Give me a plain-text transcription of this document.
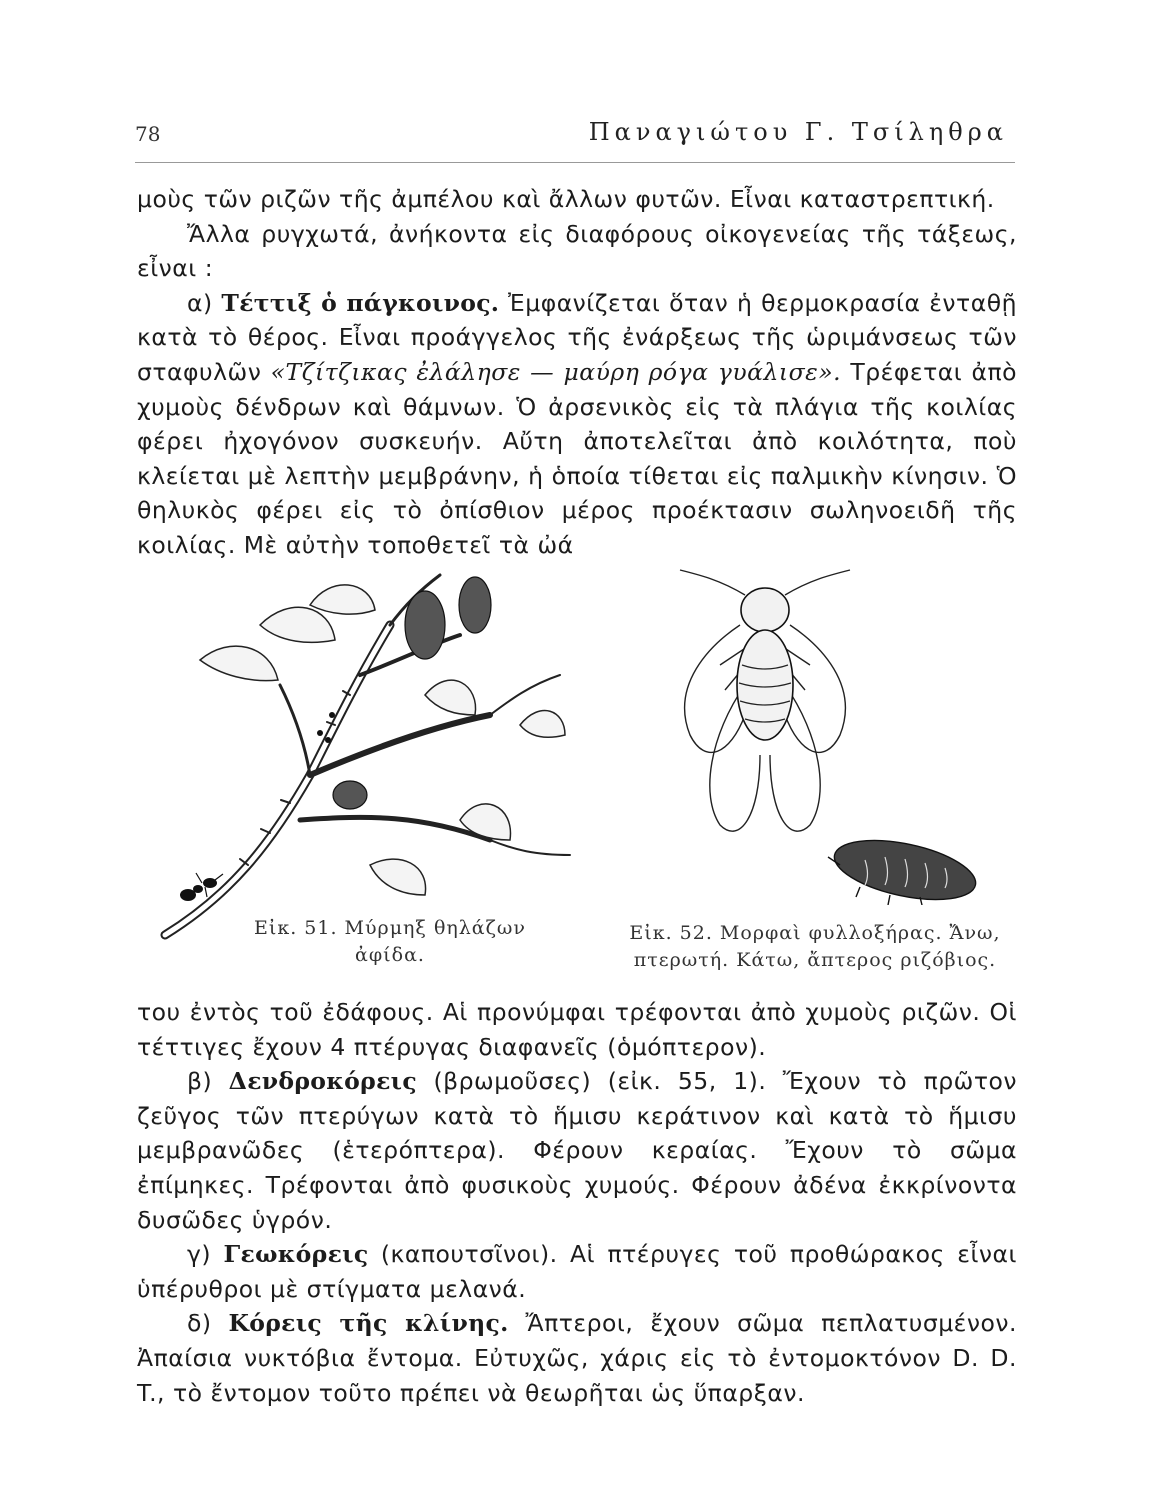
78	Παναγιώτου Γ. Τσίληθρα

μοὺς τῶν ριζῶν τῆς ἀμπέλου καὶ ἄλλων φυτῶν. Εἶναι καταστρεπτική.

Ἄλλα ρυγχωτά, ἀνήκοντα εἰς διαφόρους οἰκογενείας τῆς τάξεως, εἶναι :

α) Τέττιξ ὁ πάγκοινος. Ἐμφανίζεται ὅταν ἡ θερμοκρασία ἐνταθῇ κατὰ τὸ θέρος. Εἶναι προάγγελος τῆς ἐνάρξεως τῆς ὡριμάνσεως τῶν σταφυλῶν «Τζίτζικας ἐλάλησε — μαύρη ρόγα γυάλισε». Τρέφεται ἀπὸ χυμοὺς δένδρων καὶ θάμνων. Ὁ ἀρσενικὸς εἰς τὰ πλάγια τῆς κοιλίας φέρει ἠχογόνον συσκευήν. Αὔτη ἀποτελεῖται ἀπὸ κοιλότητα, ποὺ κλείεται μὲ λεπτὴν μεμβράνην, ἡ ὁποία τίθεται εἰς παλμικὴν κίνησιν. Ὁ θηλυκὸς φέρει εἰς τὸ ὀπίσθιον μέρος προέκτασιν σωληνοειδῆ τῆς κοιλίας. Μὲ αὐτὴν τοποθετεῖ τὰ ὠά

Εἰκ. 51. Μύρμηξ θηλάζων ἀφίδα.
Εἰκ. 52. Μορφαὶ φυλλοξήρας. Ἄνω, πτερωτή. Κάτω, ἄπτερος ριζόβιος.

του ἐντὸς τοῦ ἐδάφους. Αἱ προνύμφαι τρέφονται ἀπὸ χυμοὺς ριζῶν. Οἱ τέττιγες ἔχουν 4 πτέρυγας διαφανεῖς (ὁμόπτερον).

β) Δενδροκόρεις (βρωμοῦσες) (εἰκ. 55, 1). Ἔχουν τὸ πρῶτον ζεῦγος τῶν πτερύγων κατὰ τὸ ἥμισυ κεράτινον καὶ κατὰ τὸ ἥμισυ μεμβρανῶδες (ἑτερόπτερα). Φέρουν κεραίας. Ἔχουν τὸ σῶμα ἐπίμηκες. Τρέφονται ἀπὸ φυσικοὺς χυμούς. Φέρουν ἀδένα ἐκκρίνοντα δυσῶδες ὑγρόν.

γ) Γεωκόρεις (καπουτσῖνοι). Αἱ πτέρυγες τοῦ προθώρακος εἶναι ὑπέρυθροι μὲ στίγματα μελανά.

δ) Κόρεις τῆς κλίνης. Ἄπτεροι, ἔχουν σῶμα πεπλατυσμένον. Ἀπαίσια νυκτόβια ἔντομα. Εὐτυχῶς, χάρις εἰς τὸ ἐντομοκτόνον D. D. T., τὸ ἔντομον τοῦτο πρέπει νὰ θεωρῆται ὡς ὕπαρξαν.
